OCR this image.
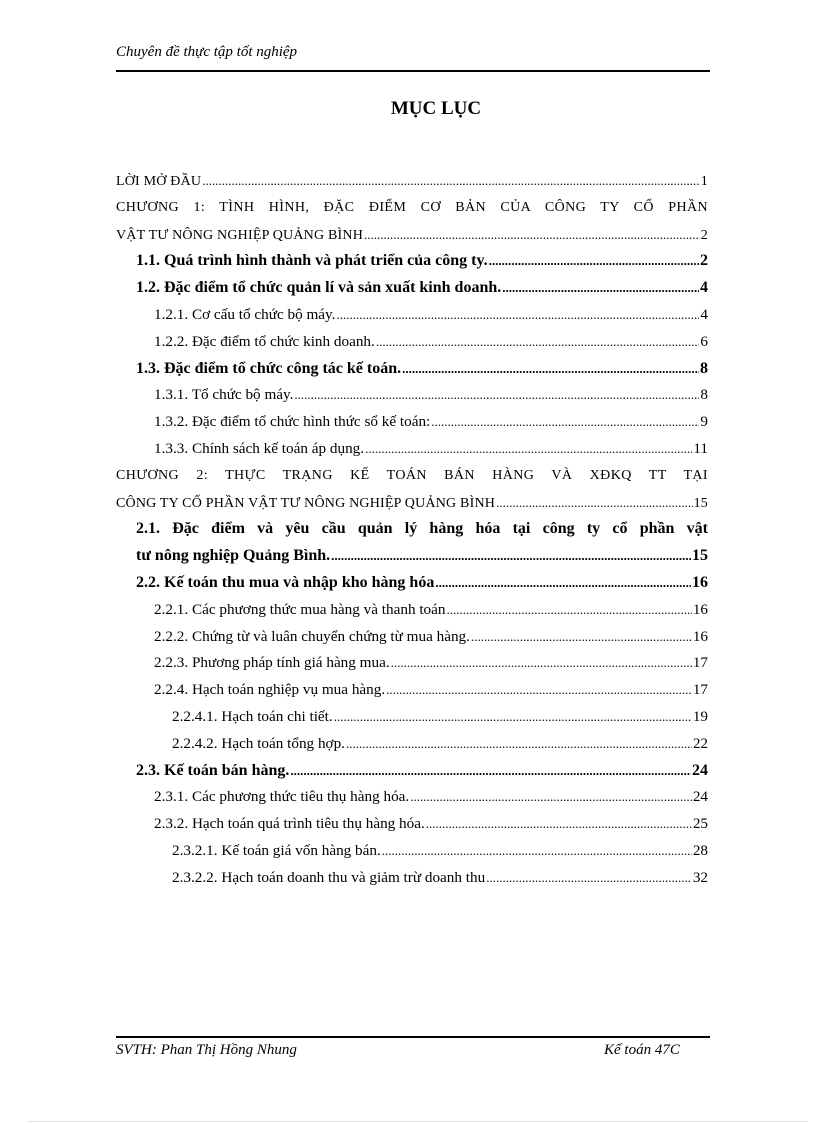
Chuyên đề thực tập tốt nghiệp
MỤC LỤC
LỜI MỞ ĐẦU .....	1
CHƯƠNG 1: TÌNH HÌNH, ĐẶC ĐIỂM CƠ BẢN CỦA CÔNG TY CỔ PHẦN
VẬT TƯ NÔNG NGHIỆP QUẢNG BÌNH .....	2
1.1. Quá trình hình thành và phát triển của công ty. .....	2
1.2. Đặc điểm tổ chức quản lí và sản xuất kinh doanh. .....	4
1.2.1. Cơ cấu tổ chức bộ máy. .....	4
1.2.2. Đặc điểm tổ chức kinh doanh. .....	6
1.3. Đặc điểm tổ chức công tác kế toán. .....	8
1.3.1. Tổ chức bộ máy. .....	8
1.3.2. Đặc điểm tổ chức hình thức sổ kế toán: .....	9
1.3.3. Chính sách kế toán áp dụng. .....	11
CHƯƠNG 2: THỰC TRẠNG KẾ TOÁN BÁN HÀNG VÀ XĐKQ TT TẠI
CÔNG TY CỔ PHẦN VẬT TƯ NÔNG NGHIỆP QUẢNG BÌNH .....	15
2.1. Đặc điểm và yêu cầu quản lý hàng hóa tại công ty cổ phần vật
tư nông nghiệp Quảng Bình. .....	15
2.2. Kế toán thu mua và nhập kho hàng hóa .....	16
2.2.1. Các phương thức mua hàng và thanh toán .....	16
2.2.2. Chứng từ và luân chuyển chứng từ mua hàng. .....	16
2.2.3. Phương pháp tính giá hàng mua. .....	17
2.2.4. Hạch toán nghiệp vụ mua hàng. .....	17
2.2.4.1. Hạch toán chi tiết. .....	19
2.2.4.2. Hạch toán tổng hợp. .....	22
2.3. Kế toán bán hàng. .....	24
2.3.1. Các phương thức tiêu thụ hàng hóa. .....	24
2.3.2. Hạch toán quá trình tiêu thụ hàng hóa. .....	25
2.3.2.1. Kế toán giá vốn hàng bán. .....	28
2.3.2.2. Hạch toán doanh thu và giảm trừ doanh thu .....	32
SVTH: Phan Thị Hồng Nhung	Kế toán 47C
